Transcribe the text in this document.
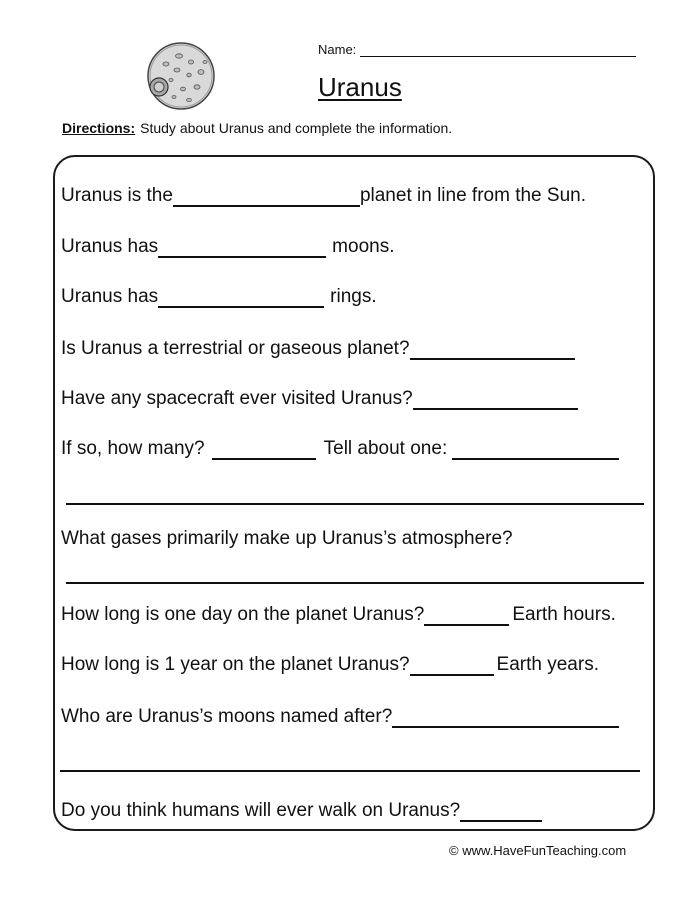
Name:
Uranus
Directions: Study about Uranus and complete the information.
Uranus is the	planet in line from the Sun.
Uranus has	moons.
Uranus has	rings.
Is Uranus a terrestrial or gaseous planet?
Have any spacecraft ever visited Uranus?
If so, how many?	Tell about one:
What gases primarily make up Uranus’s atmosphere?
How long is one day on the planet Uranus?	Earth hours.
How long is 1 year on the planet Uranus?	Earth years.
Who are Uranus’s moons named after?
Do you think humans will ever walk on Uranus?
© www.HaveFunTeaching.com
